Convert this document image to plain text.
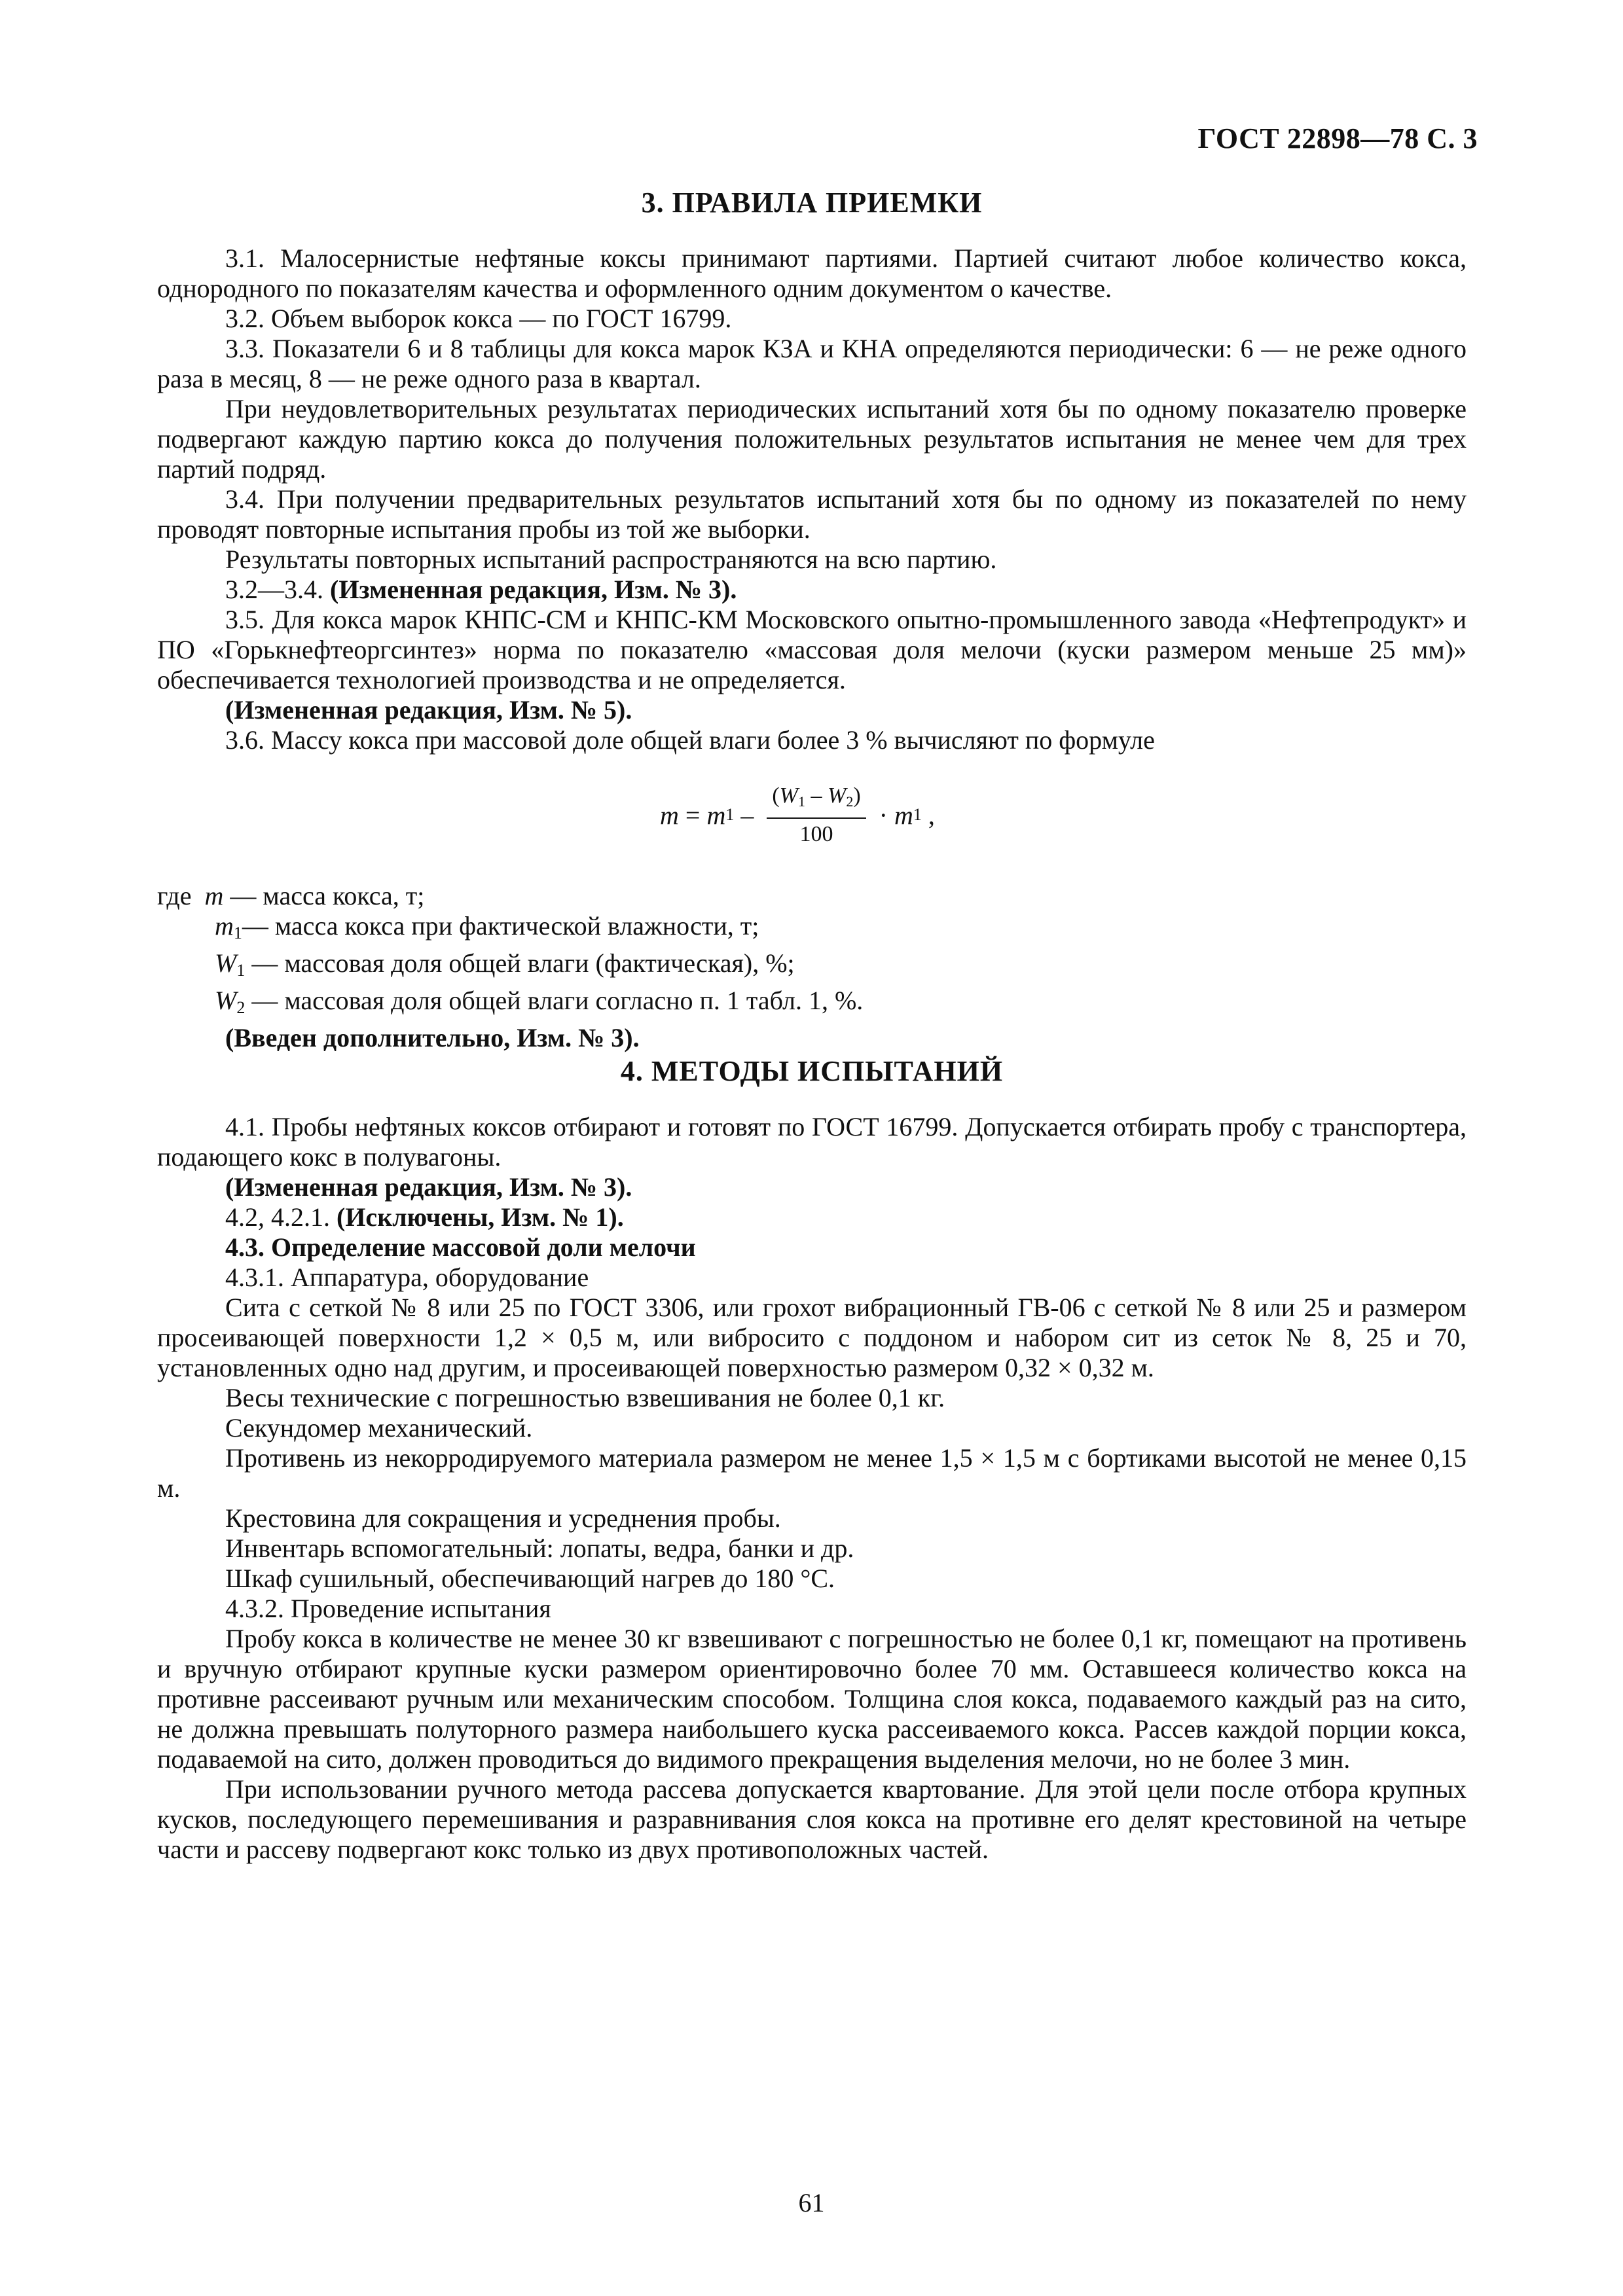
ГОСТ 22898—78 С. 3
3. ПРАВИЛА ПРИЕМКИ

3.1. Малосернистые нефтяные коксы принимают партиями. Партией считают любое количество кокса, однородного по показателям качества и оформленного одним документом о качестве.

3.2. Объем выборок кокса — по ГОСТ 16799.

3.3. Показатели 6 и 8 таблицы для кокса марок КЗА и КНА определяются периодически: 6 — не реже одного раза в месяц, 8 — не реже одного раза в квартал.

При неудовлетворительных результатах периодических испытаний хотя бы по одному показателю проверке подвергают каждую партию кокса до получения положительных результатов испытания не менее чем для трех партий подряд.

3.4. При получении предварительных результатов испытаний хотя бы по одному из показателей по нему проводят повторные испытания пробы из той же выборки.

Результаты повторных испытаний распространяются на всю партию.

3.2—3.4. (Измененная редакция, Изм. № 3).

3.5. Для кокса марок КНПС-СМ и КНПС-КМ Московского опытно-промышленного завода «Нефтепродукт» и ПО «Горькнефтеоргсинтез» норма по показателю «массовая доля мелочи (куски размером меньше 25 мм)» обеспечивается технологией производства и не определяется.

(Измененная редакция, Изм. № 5).

3.6. Массу кокса при массовой доле общей влаги более 3 % вычисляют по формуле

m = m $1 - \frac{(W_1 - W_2)}{100} \cdot m$ 1 ,

где m — масса кокса, т;

$m_1—$ масса кокса при фактической влажности, т;

$W_1$ — массовая доля общей влаги (фактическая), %;

$W_2$ — массовая доля общей влаги согласно п. 1 табл. 1, %.

(Введен дополнительно, Изм. № 3).

4. МЕТОДЫ ИСПЫТАНИЙ

4.1. Пробы нефтяных коксов отбирают и готовят по ГОСТ 16799. Допускается отбирать пробу с транспортера, подающего кокс в полувагоны.

(Измененная редакция, Изм. № 3).

4.2, 4.2.1. (Исключены, Изм. № 1).

4.3. Определение массовой доли мелочи

4.3.1. Аппаратура, оборудование

Сита с сеткой № 8 или 25 по ГОСТ 3306, или грохот вибрационный ГВ-06 с сеткой № 8 или 25 и размером просеивающей поверхности 1,2 × 0,5 м, или вибросито с поддоном и набором сит из сеток № 8, 25 и 70, установленных одно над другим, и просеивающей поверхностью размером 0,32 × 0,32 м.

Весы технические с погрешностью взвешивания не более 0,1 кг.

Секундомер механический.

Противень из некорродируемого материала размером не менее 1,5 × 1,5 м с бортиками высотой не менее 0,15 м.

Крестовина для сокращения и усреднения пробы.

Инвентарь вспомогательный: лопаты, ведра, банки и др.

Шкаф сушильный, обеспечивающий нагрев до 180 °С.

4.3.2. Проведение испытания

Пробу кокса в количестве не менее 30 кг взвешивают с погрешностью не более 0,1 кг, помещают на противень и вручную отбирают крупные куски размером ориентировочно более 70 мм. Оставшееся количество кокса на противне рассеивают ручным или механическим способом. Толщина слоя кокса, подаваемого каждый раз на сито, не должна превышать полуторного размера наибольшего куска рассеиваемого кокса. Рассев каждой порции кокса, подаваемой на сито, должен проводиться до видимого прекращения выделения мелочи, но не более 3 мин.

При использовании ручного метода рассева допускается квартование. Для этой цели после отбора крупных кусков, последующего перемешивания и разравнивания слоя кокса на противне его делят крестовиной на четыре части и рассеву подвергают кокс только из двух противоположных частей.

61
